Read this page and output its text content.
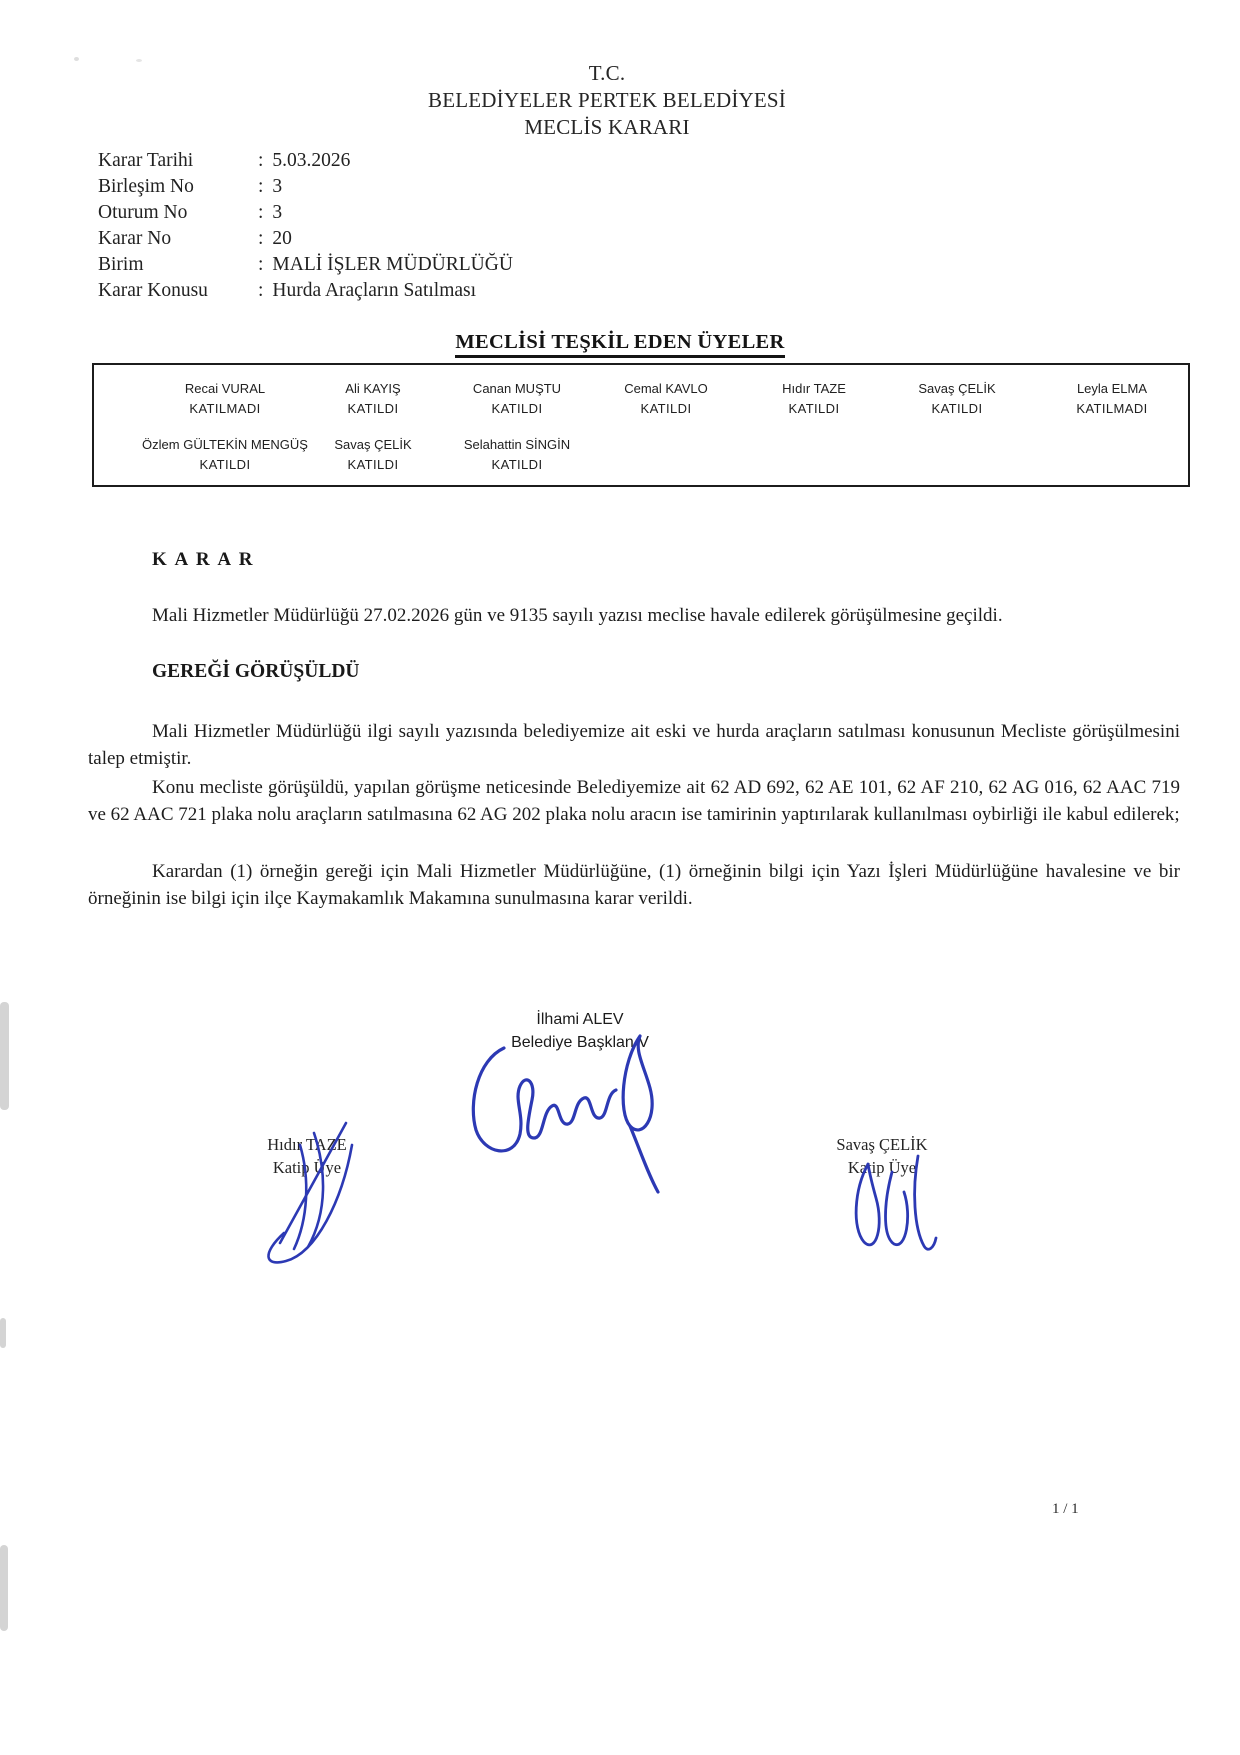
T.C.
BELEDİYELER PERTEK BELEDİYESİ
MECLİS KARARI
Karar Tarihi	: 5.03.2026
Birleşim No	: 3
Oturum No	: 3
Karar No	: 20
Birim	: MALİ İŞLER MÜDÜRLÜĞÜ
Karar Konusu	: Hurda Araçların Satılması
MECLİSİ TEŞKİL EDEN ÜYELER
Recai VURAL
KATILMADI
Ali KAYIŞ
KATILDI
Canan MUŞTU
KATILDI
Cemal KAVLO
KATILDI
Hıdır TAZE
KATILDI
Savaş ÇELİK
KATILDI
Leyla ELMA
KATILMADI
Özlem GÜLTEKİN MENGÜŞ
KATILDI
Savaş ÇELİK
KATILDI
Selahattin SİNGİN
KATILDI
K A R A R

Mali Hizmetler Müdürlüğü 27.02.2026 gün ve 9135 sayılı yazısı meclise havale edilerek görüşülmesine geçildi.

GEREĞİ GÖRÜŞÜLDÜ

Mali Hizmetler Müdürlüğü ilgi sayılı yazısında belediyemize ait eski ve hurda araçların satılması konusunun Mecliste görüşülmesini talep etmiştir.

Konu mecliste görüşüldü, yapılan görüşme neticesinde Belediyemize ait 62 AD 692, 62 AE 101, 62 AF 210, 62 AG 016, 62 AAC 719 ve 62 AAC 721 plaka nolu araçların satılmasına 62 AG 202 plaka nolu aracın ise tamirinin yaptırılarak kullanılması oybirliği ile kabul edilerek;

Karardan (1) örneğin gereği için Mali Hizmetler Müdürlüğüne, (1) örneğinin bilgi için Yazı İşleri Müdürlüğüne havalesine ve bir örneğinin ise bilgi için ilçe Kaymakamlık Makamına sunulmasına karar verildi.

İlhami ALEV
Belediye Başklan V
Hıdır TAZE
Katip Üye
Savaş ÇELİK
Katip Üye
1 / 1
